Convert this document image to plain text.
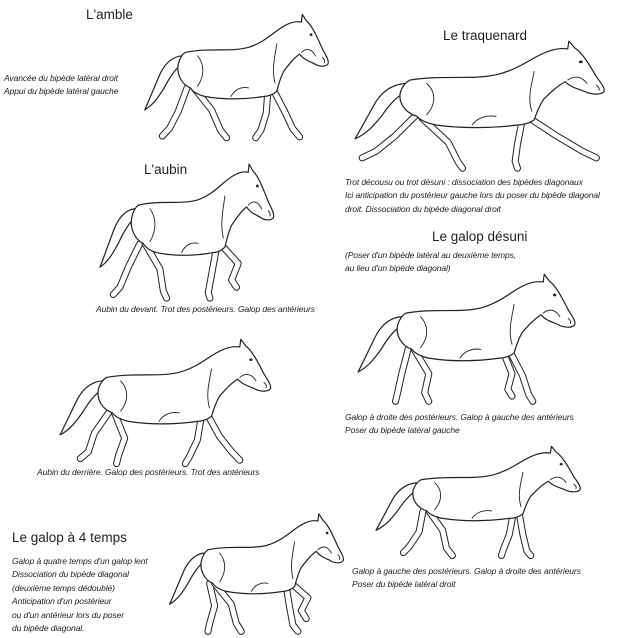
L'amble
Le traquenard
L'aubin
Le galop désuni
Le galop à 4 temps
Avancée du bipède latéral droit
Appui du bipède latéral gauche
Trot décousu ou trot désuni : dissociation des bipèdes diagonaux
Ici anticipation du postérieur gauche lors du poser du bipède diagonal
droit. Dissociation du bipède diagonal droit
(Poser d'un bipède latéral au deuxième temps,
au lieu d'un bipède diagonal)
Aubin du devant. Trot des postérieurs. Galop des antérieurs
Galop à droite des postérieurs. Galop à gauche des antérieurs
Poser du bipède latéral gauche
Aubin du derrière. Galop des postérieurs. Trot des antérieurs
Galop à gauche des postérieurs. Galop à droite des antérieurs
Poser du bipède latéral droit
Galop à quatre temps d'un galop lent
Dissociation du bipède diagonal
(deuxième temps dédoublé)
Anticipation d'un postérieur
ou d'un antérieur lors du poser
du bipède diagonal.
